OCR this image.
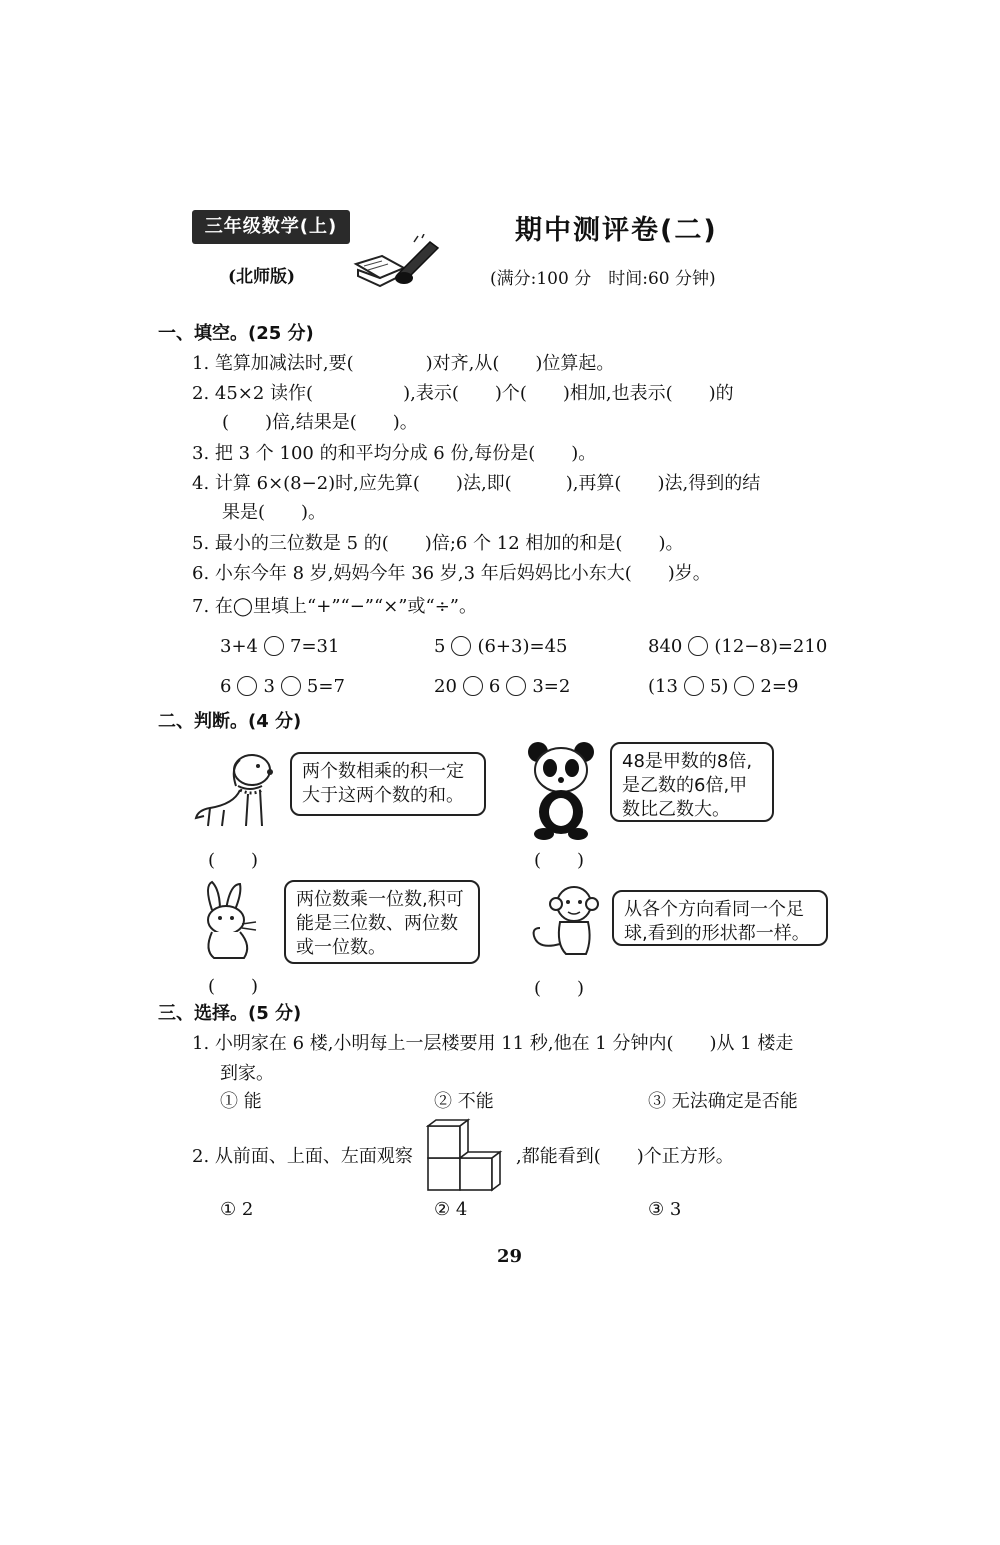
三年级数学(上)
(北师版)
期中测评卷(二)
(满分:100 分　时间:60 分钟)
一、填空。(25 分)
1. 笔算加减法时,要(　　　　)对齐,从(　　)位算起。
2. 45×2 读作(　　　　　),表示(　　)个(　　)相加,也表示(　　)的
(　　)倍,结果是(　　)。
3. 把 3 个 100 的和平均分成 6 份,每份是(　　)。
4. 计算 6×(8−2)时,应先算(　　)法,即(　　　),再算(　　)法,得到的结
果是(　　)。
5. 最小的三位数是 5 的(　　)倍;6 个 12 相加的和是(　　)。
6. 小东今年 8 岁,妈妈今年 36 岁,3 年后妈妈比小东大(　　)岁。
7. 在◯里填上“+”“−”“×”或“÷”。
3+4 7=31	5 (6+3)=45	840 (12−8)=210
6 3 5=7	20 6 3=2	(13 5) 2=9
二、判断。(4 分)
两个数相乘的积一定大于这两个数的和。
(　　)
48是甲数的8倍,是乙数的6倍,甲数比乙数大。
(　　)
两位数乘一位数,积可能是三位数、两位数或一位数。
(　　)
从各个方向看同一个足球,看到的形状都一样。
(　　)
三、选择。(5 分)
1. 小明家在 6 楼,小明每上一层楼要用 11 秒,他在 1 分钟内(　　)从 1 楼走
到家。
① 能	② 不能	③ 无法确定是否能
2. 从前面、上面、左面观察	,都能看到(　　)个正方形。
① 2	② 4	③ 3
29
